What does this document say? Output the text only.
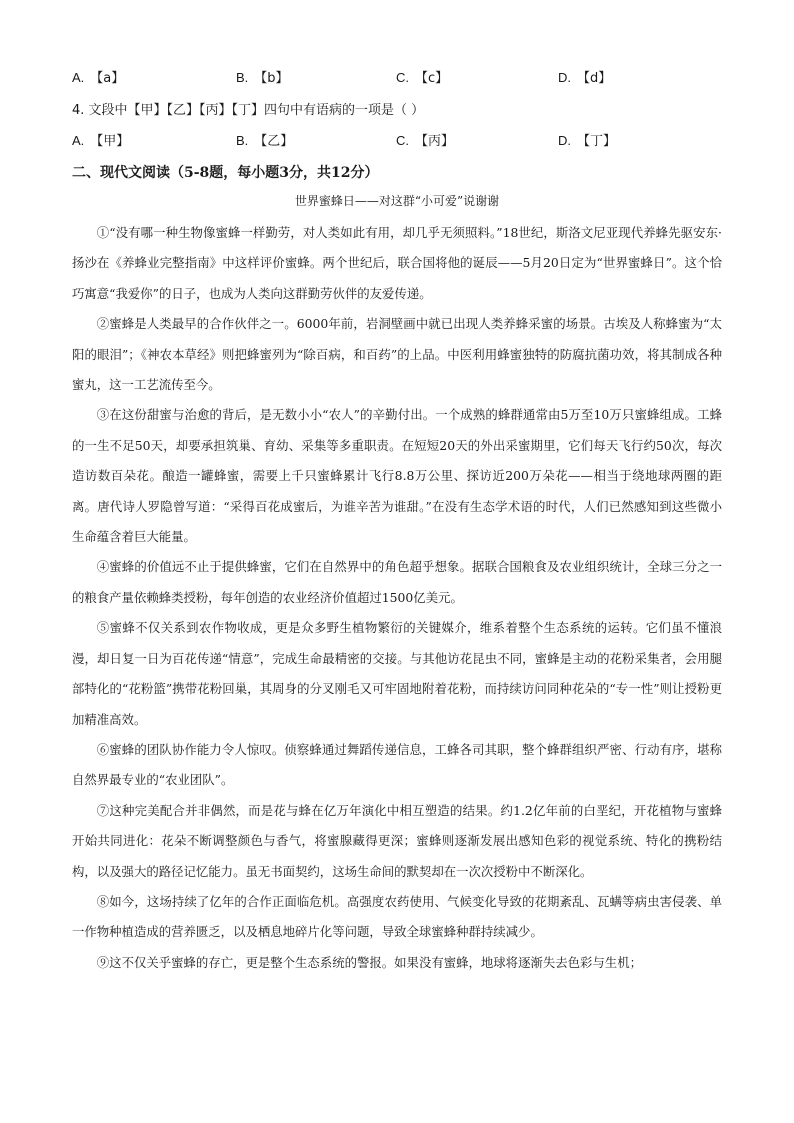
A. 【a】	B. 【b】	C. 【c】	D. 【d】
4. 文段中【甲】【乙】【丙】【丁】四句中有语病的一项是（ ）
A. 【甲】	B. 【乙】	C. 【丙】	D. 【丁】
二、现代文阅读（5-8题，每小题3分，共12分）
世界蜜蜂日——对这群“小可爱”说谢谢

①“没有哪一种生物像蜜蜂一样勤劳，对人类如此有用，却几乎无须照料。”18世纪，斯洛文尼亚现代养蜂先驱安东·扬沙在《养蜂业完整指南》中这样评价蜜蜂。两个世纪后，联合国将他的诞辰——5月20日定为“世界蜜蜂日”。这个恰巧寓意“我爱你”的日子，也成为人类向这群勤劳伙伴的友爱传递。

②蜜蜂是人类最早的合作伙伴之一。6000年前，岩洞壁画中就已出现人类养蜂采蜜的场景。古埃及人称蜂蜜为“太阳的眼泪”；《神农本草经》则把蜂蜜列为“除百病，和百药”的上品。中医利用蜂蜜独特的防腐抗菌功效，将其制成各种蜜丸，这一工艺流传至今。

③在这份甜蜜与治愈的背后，是无数小小“农人”的辛勤付出。一个成熟的蜂群通常由5万至10万只蜜蜂组成。工蜂的一生不足50天，却要承担筑巢、育幼、采集等多重职责。在短短20天的外出采蜜期里，它们每天飞行约50次，每次造访数百朵花。酿造一罐蜂蜜，需要上千只蜜蜂累计飞行8.8万公里、探访近200万朵花——相当于绕地球两圈的距离。唐代诗人罗隐曾写道：“采得百花成蜜后，为谁辛苦为谁甜。”在没有生态学术语的时代，人们已然感知到这些微小生命蕴含着巨大能量。

④蜜蜂的价值远不止于提供蜂蜜，它们在自然界中的角色超乎想象。据联合国粮食及农业组织统计，全球三分之一的粮食产量依赖蜂类授粉，每年创造的农业经济价值超过1500亿美元。

⑤蜜蜂不仅关系到农作物收成，更是众多野生植物繁衍的关键媒介，维系着整个生态系统的运转。它们虽不懂浪漫，却日复一日为百花传递“情意”，完成生命最精密的交接。与其他访花昆虫不同，蜜蜂是主动的花粉采集者，会用腿部特化的“花粉篮”携带花粉回巢，其周身的分叉刚毛又可牢固地附着花粉，而持续访问同种花朵的“专一性”则让授粉更加精准高效。

⑥蜜蜂的团队协作能力令人惊叹。侦察蜂通过舞蹈传递信息，工蜂各司其职，整个蜂群组织严密、行动有序，堪称自然界最专业的“农业团队”。

⑦这种完美配合并非偶然，而是花与蜂在亿万年演化中相互塑造的结果。约1.2亿年前的白垩纪，开花植物与蜜蜂开始共同进化：花朵不断调整颜色与香气，将蜜腺藏得更深；蜜蜂则逐渐发展出感知色彩的视觉系统、特化的携粉结构，以及强大的路径记忆能力。虽无书面契约，这场生命间的默契却在一次次授粉中不断深化。

⑧如今，这场持续了亿年的合作正面临危机。高强度农药使用、气候变化导致的花期紊乱、瓦螨等病虫害侵袭、单一作物种植造成的营养匮乏，以及栖息地碎片化等问题，导致全球蜜蜂种群持续减少。

⑨这不仅关乎蜜蜂的存亡，更是整个生态系统的警报。如果没有蜜蜂，地球将逐渐失去色彩与生机；
